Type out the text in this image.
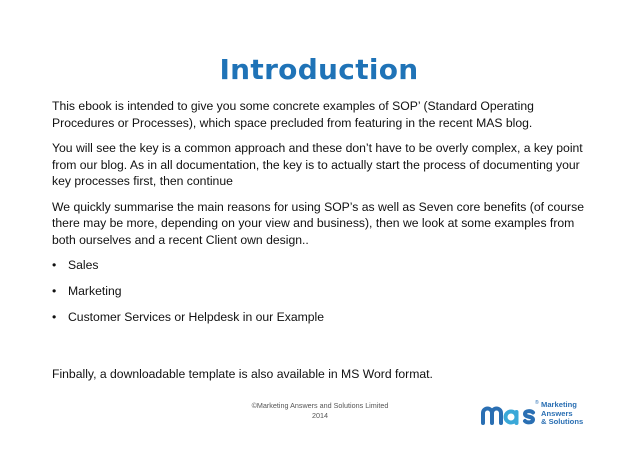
Introduction

This ebook is intended to give you some concrete examples of SOP’ (Standard Operating Procedures or Processes), which space precluded from featuring in the recent MAS blog.

You will see the key is a common approach and these don’t have to be overly complex, a key point from our blog. As in all documentation, the key is to actually start the process of documenting your key processes first, then continue

We quickly summarise the main reasons for using SOP’s as well as Seven core benefits (of course there may be more, depending on your view and business), then we look at some examples from both ourselves and a recent Client own design..

• Sales
• Marketing
• Customer Services or Helpdesk in our Example
Finbally, a downloadable template is also available in MS Word format.
©Marketing Answers and Solutions Limited
2014
® Marketing
Answers
& Solutions
